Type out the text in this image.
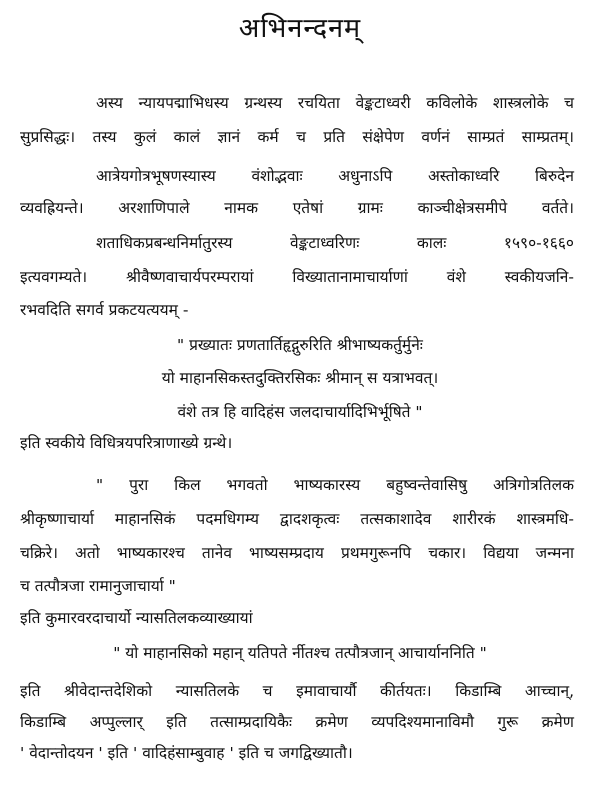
अभिनन्दनम्
अस्य न्यायपद्माभिधस्य ग्रन्थस्य रचयिता वेङ्कटाध्वरी कविलोके शास्त्रलोके च
सुप्रसिद्धः। तस्य कुलं कालं ज्ञानं कर्म च प्रति संक्षेपेण वर्णनं साम्प्रतं साम्प्रतम्।
आत्रेयगोत्रभूषणस्यास्य वंशोद्भवाः अधुनाऽपि अस्तोकाध्वरि बिरुदेन
व्यवह्रियन्ते। अरशाणिपाले नामक एतेषां ग्रामः काञ्चीक्षेत्रसमीपे वर्तते।
शताधिकप्रबन्धनिर्मातुरस्य वेङ्कटाध्वरिणः कालः १५९०-१६६०
इत्यवगम्यते। श्रीवैष्णवाचार्यपरम्परायां विख्यातानामाचार्याणां वंशे स्वकीयजनि-
रभवदिति सगर्व प्रकटयत्ययम् -
" प्रख्यातः प्रणतार्तिहृद्गुरुरिति श्रीभाष्यकर्तुर्मुनेः
यो माहानसिकस्तदुक्तिरसिकः श्रीमान् स यत्राभवत्।
वंशे तत्र हि वादिहंस जलदाचार्यादिभिर्भूषिते "
इति स्वकीये विधित्रयपरित्राणाख्ये ग्रन्थे।
" पुरा किल भगवतो भाष्यकारस्य बहुष्वन्तेवासिषु अत्रिगोत्रतिलक
श्रीकृष्णाचार्या माहानसिकं पदमधिगम्य द्वादशकृत्वः तत्सकाशादेव शारीरकं शास्त्रमधि-
चक्रिरे। अतो भाष्यकारश्च तानेव भाष्यसम्प्रदाय प्रथमगुरूनपि चकार। विद्यया जन्मना
च तत्पौत्रजा रामानुजाचार्या "
इति कुमारवरदाचार्यो न्यासतिलकव्याख्यायां
" यो माहानसिको महान् यतिपते र्नीतश्च तत्पौत्रजान् आचार्याननिति "
इति श्रीवेदान्तदेशिको न्यासतिलके च इमावाचार्यौ कीर्तयतः। किडाम्बि आच्चान्,
किडाम्बि अप्पुल्लार् इति तत्साम्प्रदायिकैः क्रमेण व्यपदिश्यमानाविमौ गुरू क्रमेण
' वेदान्तोदयन ' इति ' वादिहंसाम्बुवाह ' इति च जगद्विख्यातौ।
